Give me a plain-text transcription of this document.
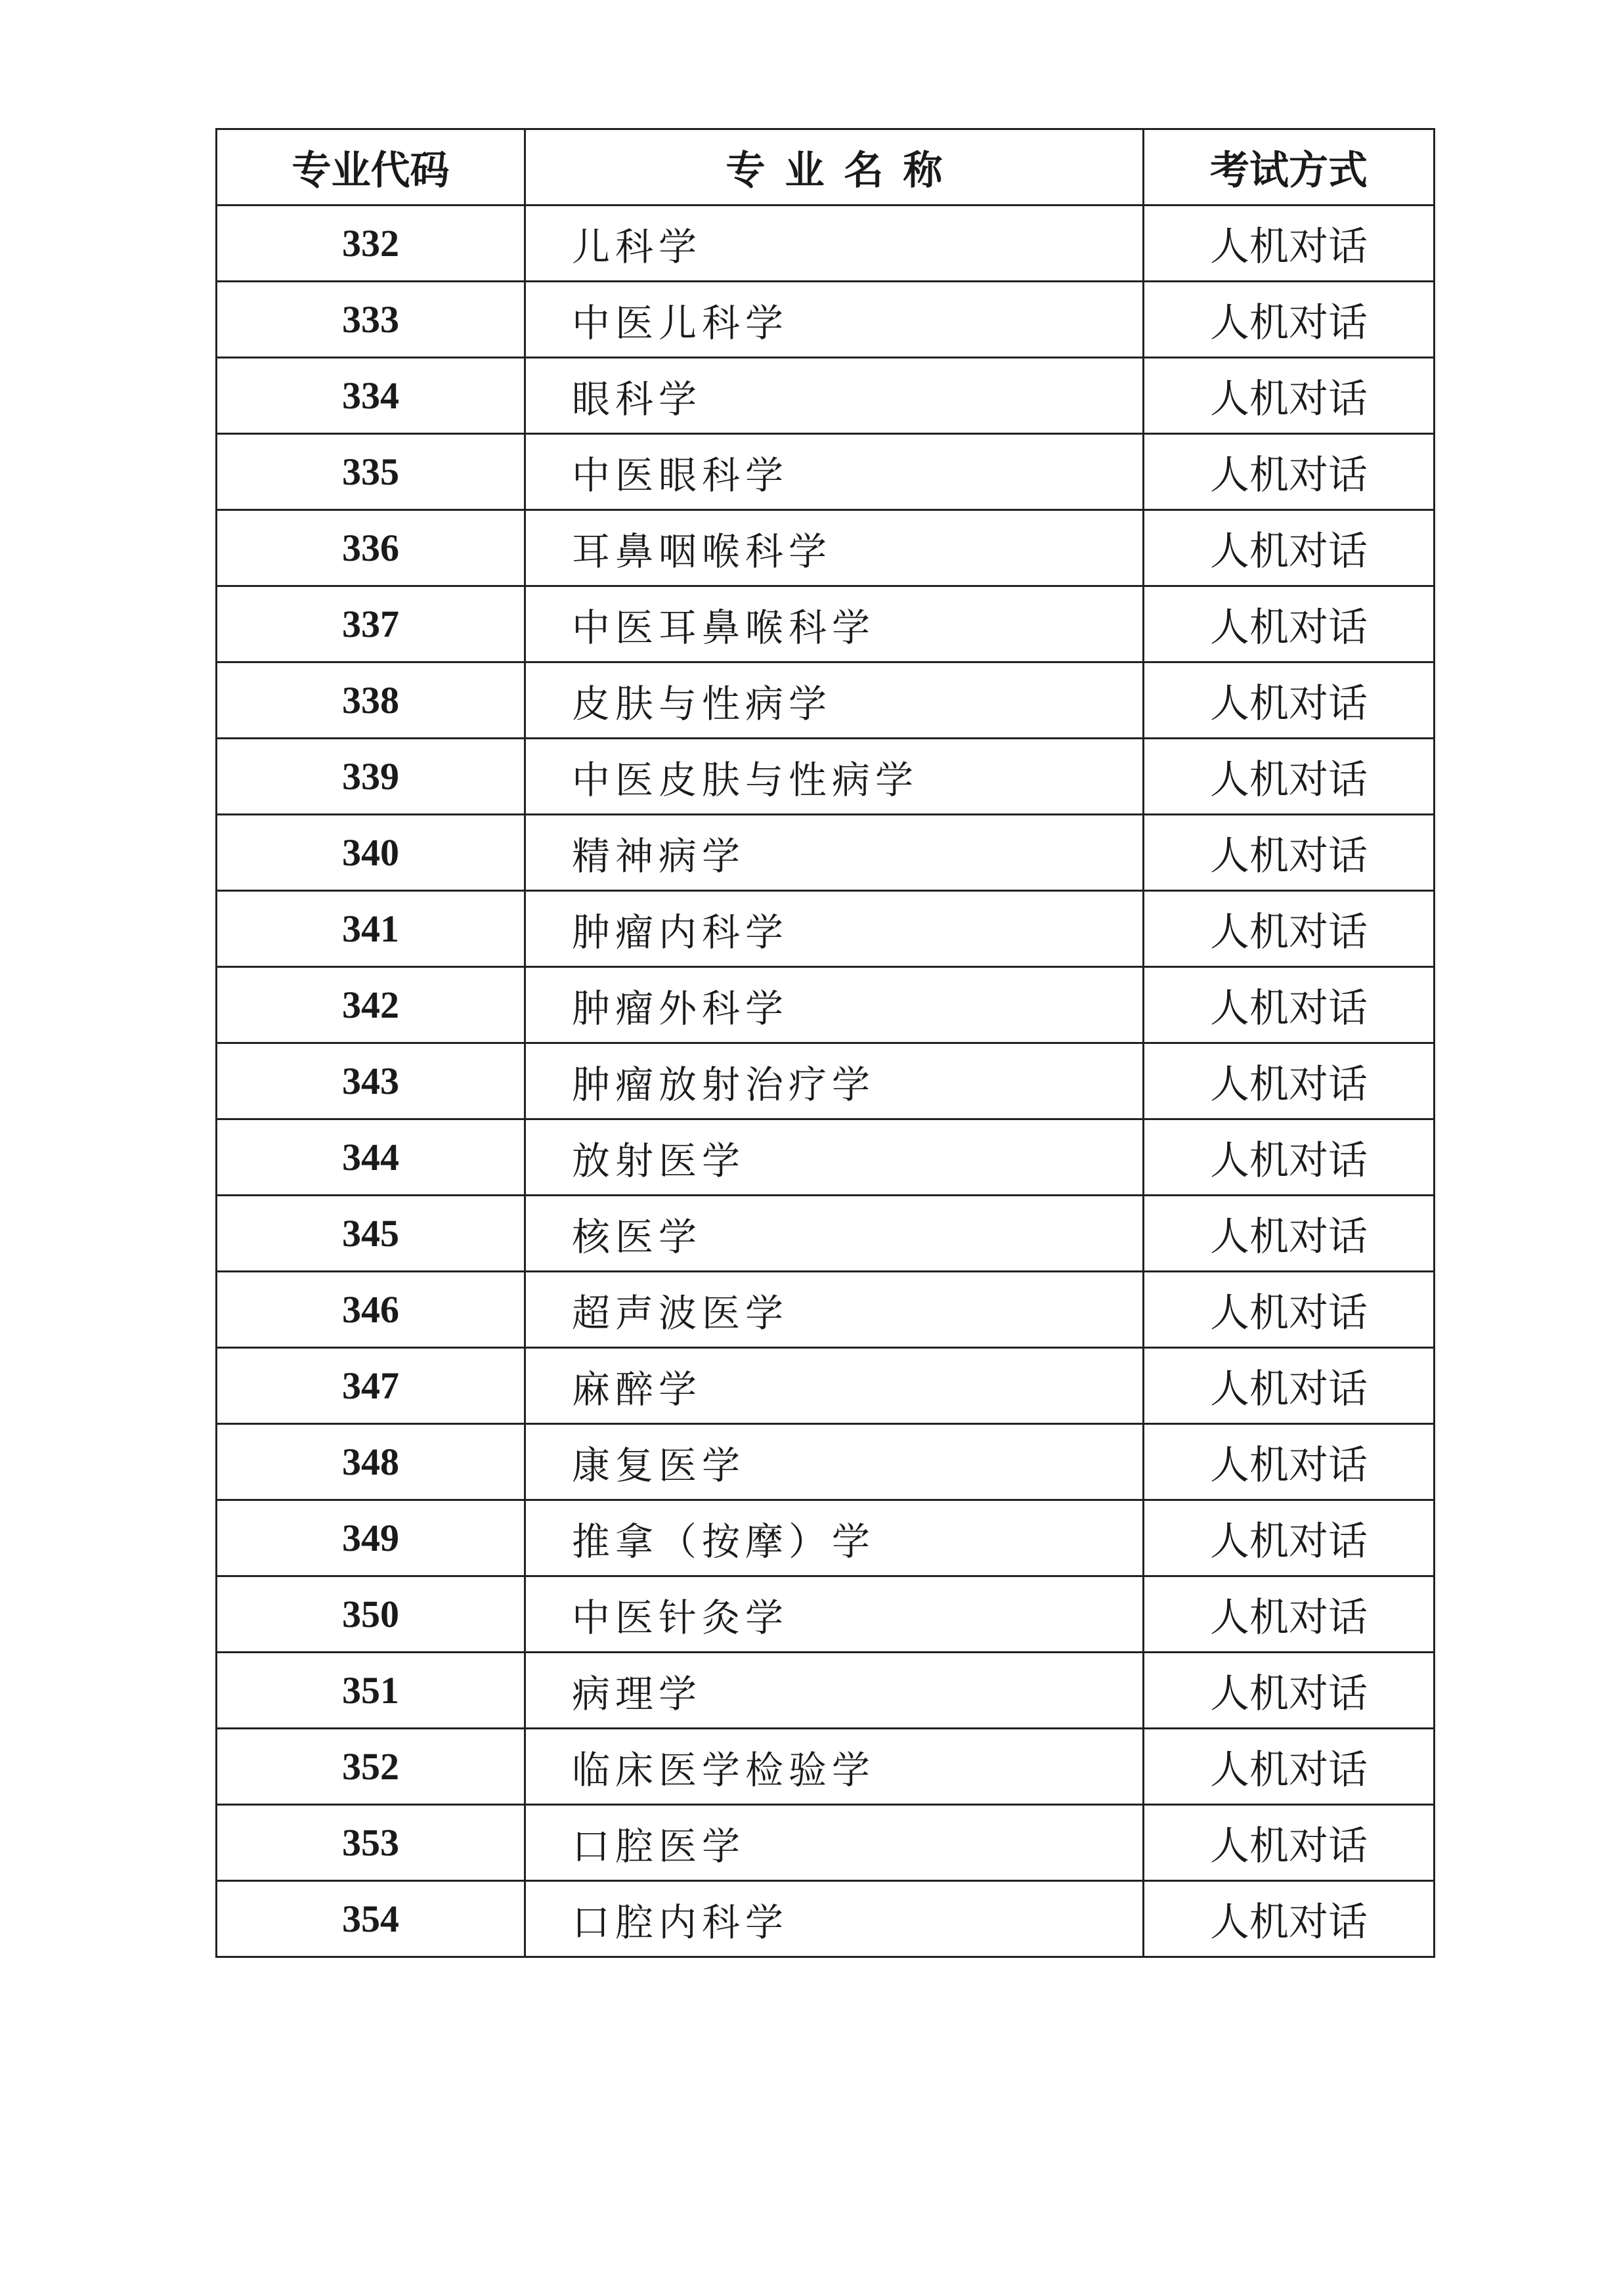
专业代码	专业名称	考试方式
332	儿科学	人机对话
333	中医儿科学	人机对话
334	眼科学	人机对话
335	中医眼科学	人机对话
336	耳鼻咽喉科学	人机对话
337	中医耳鼻喉科学	人机对话
338	皮肤与性病学	人机对话
339	中医皮肤与性病学	人机对话
340	精神病学	人机对话
341	肿瘤内科学	人机对话
342	肿瘤外科学	人机对话
343	肿瘤放射治疗学	人机对话
344	放射医学	人机对话
345	核医学	人机对话
346	超声波医学	人机对话
347	麻醉学	人机对话
348	康复医学	人机对话
349	推拿（按摩）学	人机对话
350	中医针灸学	人机对话
351	病理学	人机对话
352	临床医学检验学	人机对话
353	口腔医学	人机对话
354	口腔内科学	人机对话
